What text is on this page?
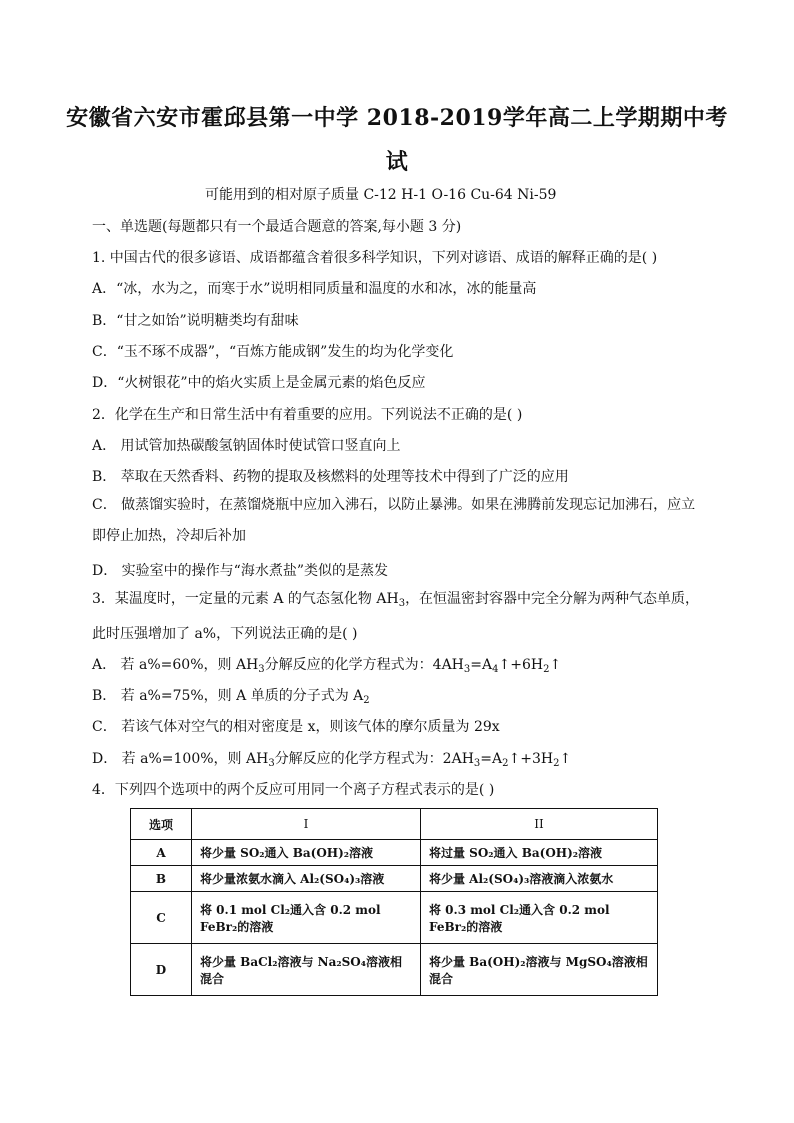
安徽省六安市霍邱县第一中学 2018-2019学年高二上学期期中考
试
可能用到的相对原子质量 C-12 H-1 O-16 Cu-64 Ni-59
一、单选题(每题都只有一个最适合题意的答案,每小题 3 分)
1. 中国古代的很多谚语、成语都蕴含着很多科学知识，下列对谚语、成语的解释正确的是( )
A．“冰，水为之，而寒于水”说明相同质量和温度的水和冰，冰的能量高
B．“甘之如饴”说明糖类均有甜味
C．“玉不琢不成器”，“百炼方能成钢”发生的均为化学变化
D．“火树银花”中的焰火实质上是金属元素的焰色反应
2．化学在生产和日常生活中有着重要的应用。下列说法不正确的是( )
A． 用试管加热碳酸氢钠固体时使试管口竖直向上
B． 萃取在天然香料、药物的提取及核燃料的处理等技术中得到了广泛的应用
C． 做蒸馏实验时，在蒸馏烧瓶中应加入沸石，以防止暴沸。如果在沸腾前发现忘记加沸石，应立即停止加热，冷却后补加
D． 实验室中的操作与“海水煮盐”类似的是蒸发
3．某温度时，一定量的元素 A 的气态氢化物 $AH_3$，在恒温密封容器中完全分解为两种气态单质，此时压强增加了 a%，下列说法正确的是( )
A． 若 a%=60%，则 $AH_3$分解反应的化学方程式为：$4AH_3=A_4↑+6H_2↑$
B． 若 a%=75%，则 A 单质的分子式为 $A_2$
C． 若该气体对空气的相对密度是 x，则该气体的摩尔质量为 29x
D． 若 a%=100%，则 $AH_3$分解反应的化学方程式为：$2AH_3=A_2↑+3H_2↑$
4．下列四个选项中的两个反应可用同一个离子方程式表示的是( )
选项	I	II
A	将少量 SO₂通入 Ba(OH)₂溶液	将过量 SO₂通入 Ba(OH)₂溶液
B	将少量浓氨水滴入 Al₂(SO₄)₃溶液	将少量 Al₂(SO₄)₃溶液滴入浓氨水
C	将 0.1 mol Cl₂通入含 0.2 mol FeBr₂的溶液	将 0.3 mol Cl₂通入含 0.2 mol FeBr₂的溶液
D	将少量 BaCl₂溶液与 Na₂SO₄溶液相混合	将少量 Ba(OH)₂溶液与 MgSO₄溶液相混合
